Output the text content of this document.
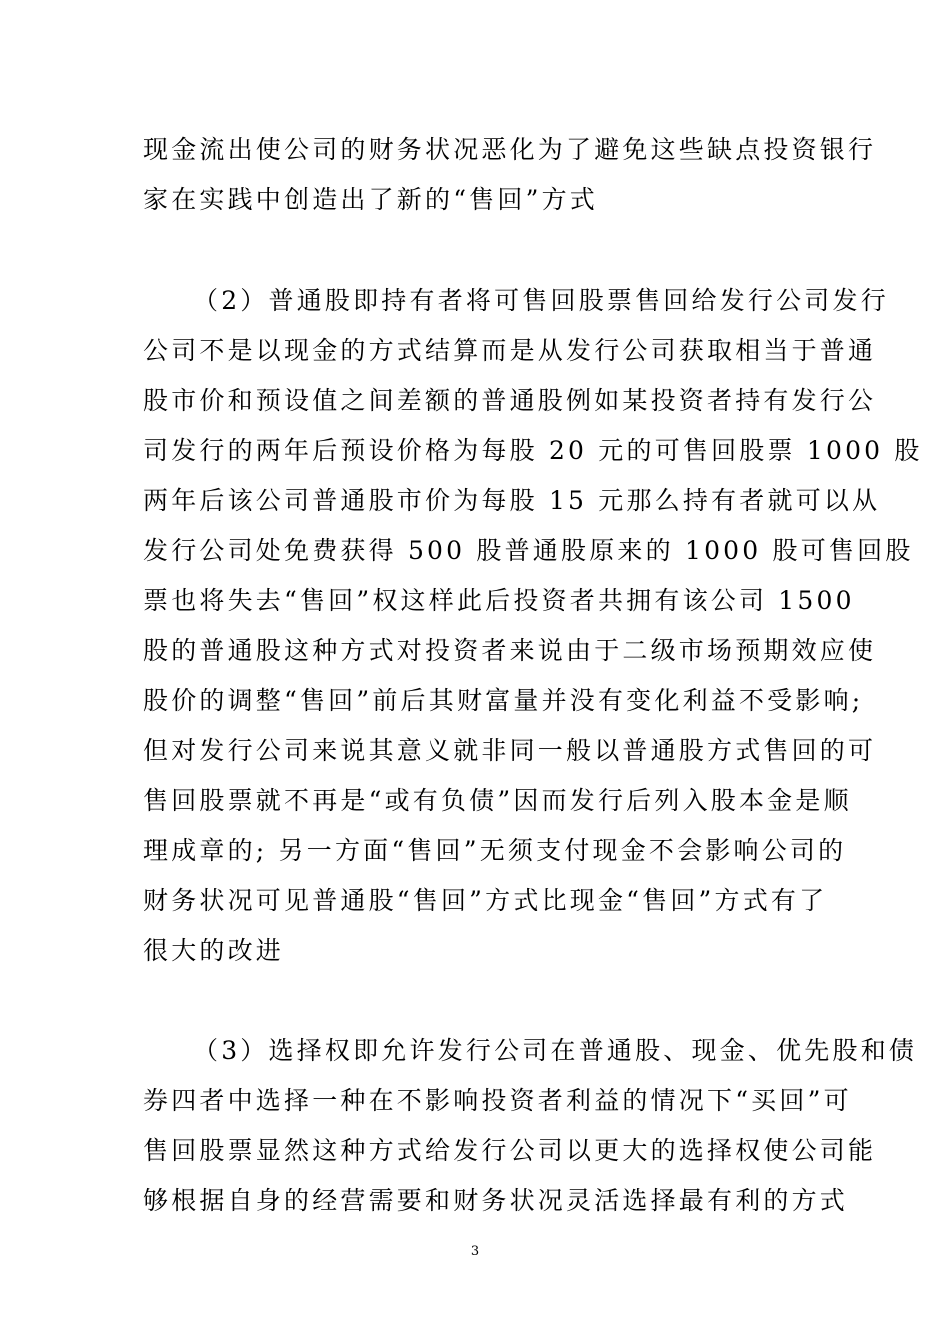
现金流出使公司的财务状况恶化为了避免这些缺点投资银行
家在实践中创造出了新的“售回”方式
（2）普通股即持有者将可售回股票售回给发行公司发行
公司不是以现金的方式结算而是从发行公司获取相当于普通
股市价和预设值之间差额的普通股例如某投资者持有发行公
司发行的两年后预设价格为每股 20 元的可售回股票 1000 股
两年后该公司普通股市价为每股 15 元那么持有者就可以从
发行公司处免费获得 500 股普通股原来的 1000 股可售回股
票也将失去“售回”权这样此后投资者共拥有该公司 1500
股的普通股这种方式对投资者来说由于二级市场预期效应使
股价的调整“售回”前后其财富量并没有变化利益不受影响;
但对发行公司来说其意义就非同一般以普通股方式售回的可
售回股票就不再是“或有负债”因而发行后列入股本金是顺
理成章的; 另一方面“售回”无须支付现金不会影响公司的
财务状况可见普通股“售回”方式比现金“售回”方式有了
很大的改进
（3）选择权即允许发行公司在普通股、现金、优先股和债
券四者中选择一种在不影响投资者利益的情况下“买回”可
售回股票显然这种方式给发行公司以更大的选择权使公司能
够根据自身的经营需要和财务状况灵活选择最有利的方式
3
